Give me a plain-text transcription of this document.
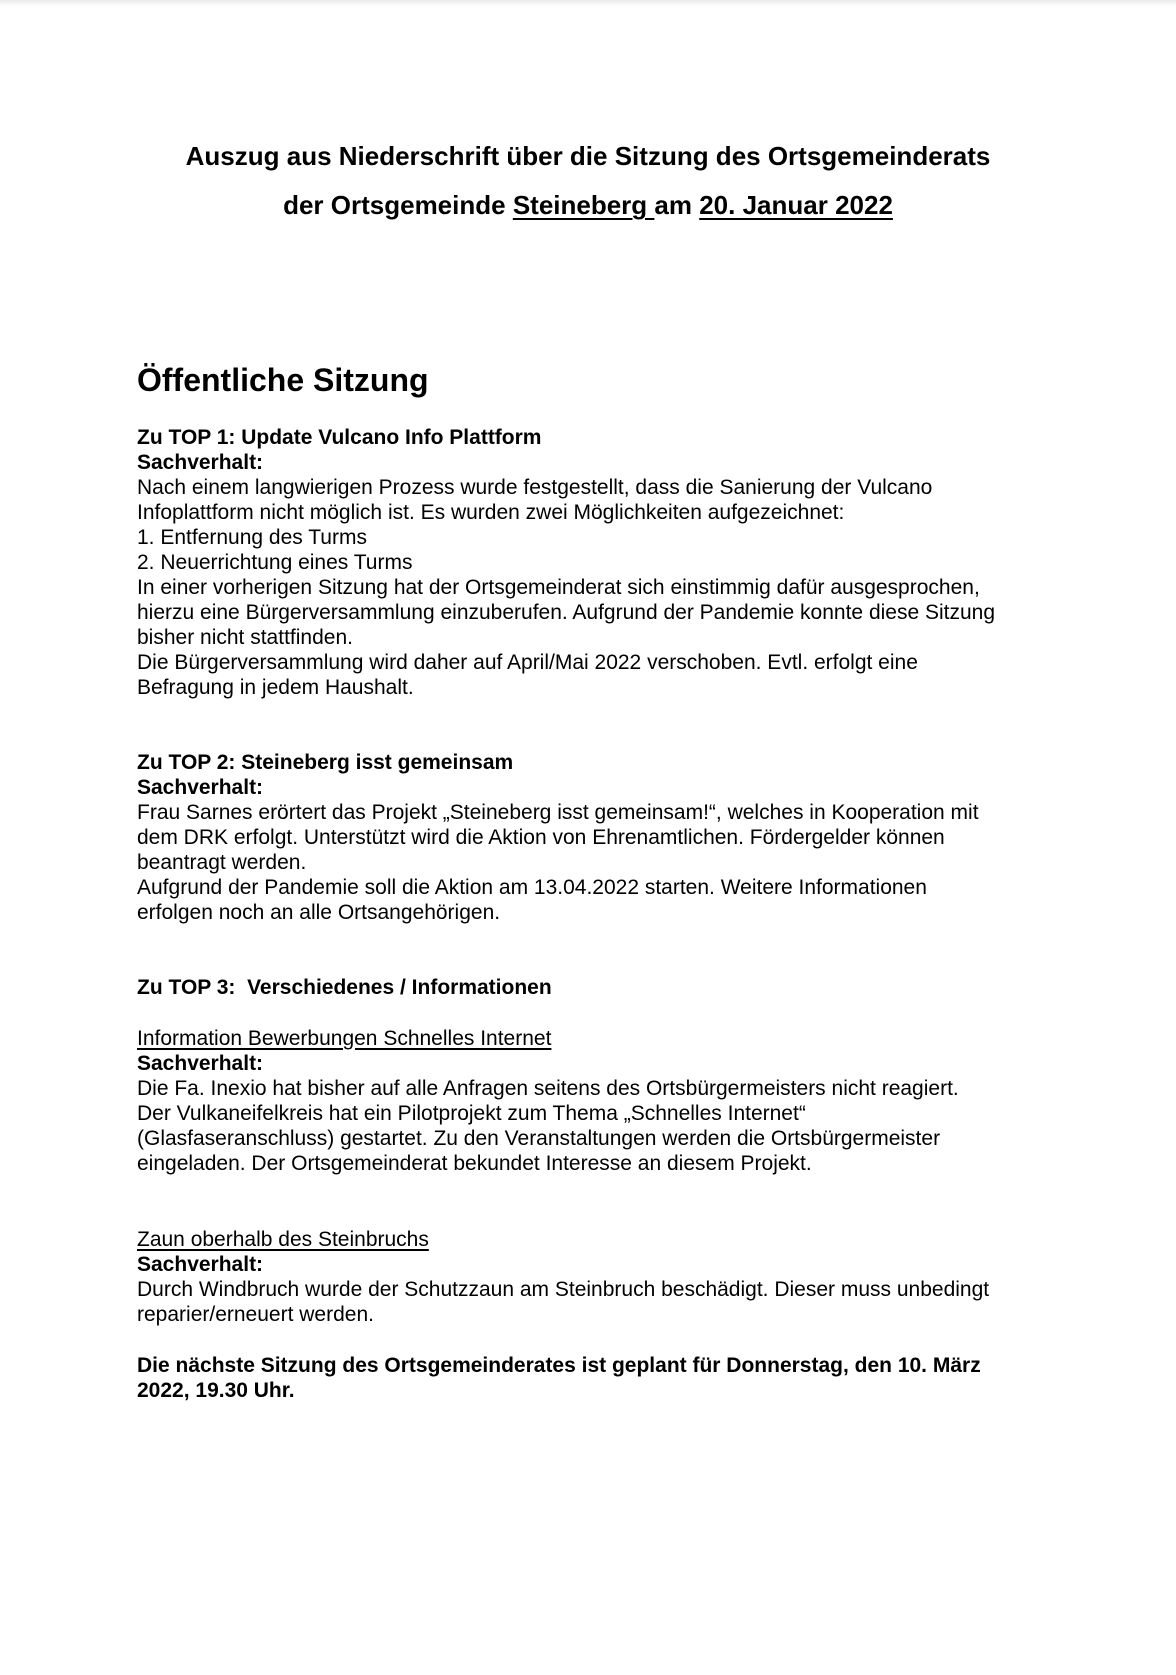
Auszug aus Niederschrift über die Sitzung des Ortsgemeinderats
der Ortsgemeinde Steineberg am 20. Januar 2022
Öffentliche Sitzung

Zu TOP 1: Update Vulcano Info Plattform

Sachverhalt:

Nach einem langwierigen Prozess wurde festgestellt, dass die Sanierung der Vulcano

Infoplattform nicht möglich ist. Es wurden zwei Möglichkeiten aufgezeichnet:

1. Entfernung des Turms

2. Neuerrichtung eines Turms

In einer vorherigen Sitzung hat der Ortsgemeinderat sich einstimmig dafür ausgesprochen,

hierzu eine Bürgerversammlung einzuberufen. Aufgrund der Pandemie konnte diese Sitzung

bisher nicht stattfinden.

Die Bürgerversammlung wird daher auf April/Mai 2022 verschoben. Evtl. erfolgt eine

Befragung in jedem Haushalt.

Zu TOP 2: Steineberg isst gemeinsam

Sachverhalt:

Frau Sarnes erörtert das Projekt „Steineberg isst gemeinsam!“, welches in Kooperation mit

dem DRK erfolgt. Unterstützt wird die Aktion von Ehrenamtlichen. Fördergelder können

beantragt werden.

Aufgrund der Pandemie soll die Aktion am 13.04.2022 starten. Weitere Informationen

erfolgen noch an alle Ortsangehörigen.

Zu TOP 3:  Verschiedenes / Informationen

Information Bewerbungen Schnelles Internet

Sachverhalt:

Die Fa. Inexio hat bisher auf alle Anfragen seitens des Ortsbürgermeisters nicht reagiert.

Der Vulkaneifelkreis hat ein Pilotprojekt zum Thema „Schnelles Internet“

(Glasfaseranschluss) gestartet. Zu den Veranstaltungen werden die Ortsbürgermeister

eingeladen. Der Ortsgemeinderat bekundet Interesse an diesem Projekt.

Zaun oberhalb des Steinbruchs

Sachverhalt:

Durch Windbruch wurde der Schutzzaun am Steinbruch beschädigt. Dieser muss unbedingt

reparier/erneuert werden.

Die nächste Sitzung des Ortsgemeinderates ist geplant für Donnerstag, den 10. März

2022, 19.30 Uhr.
